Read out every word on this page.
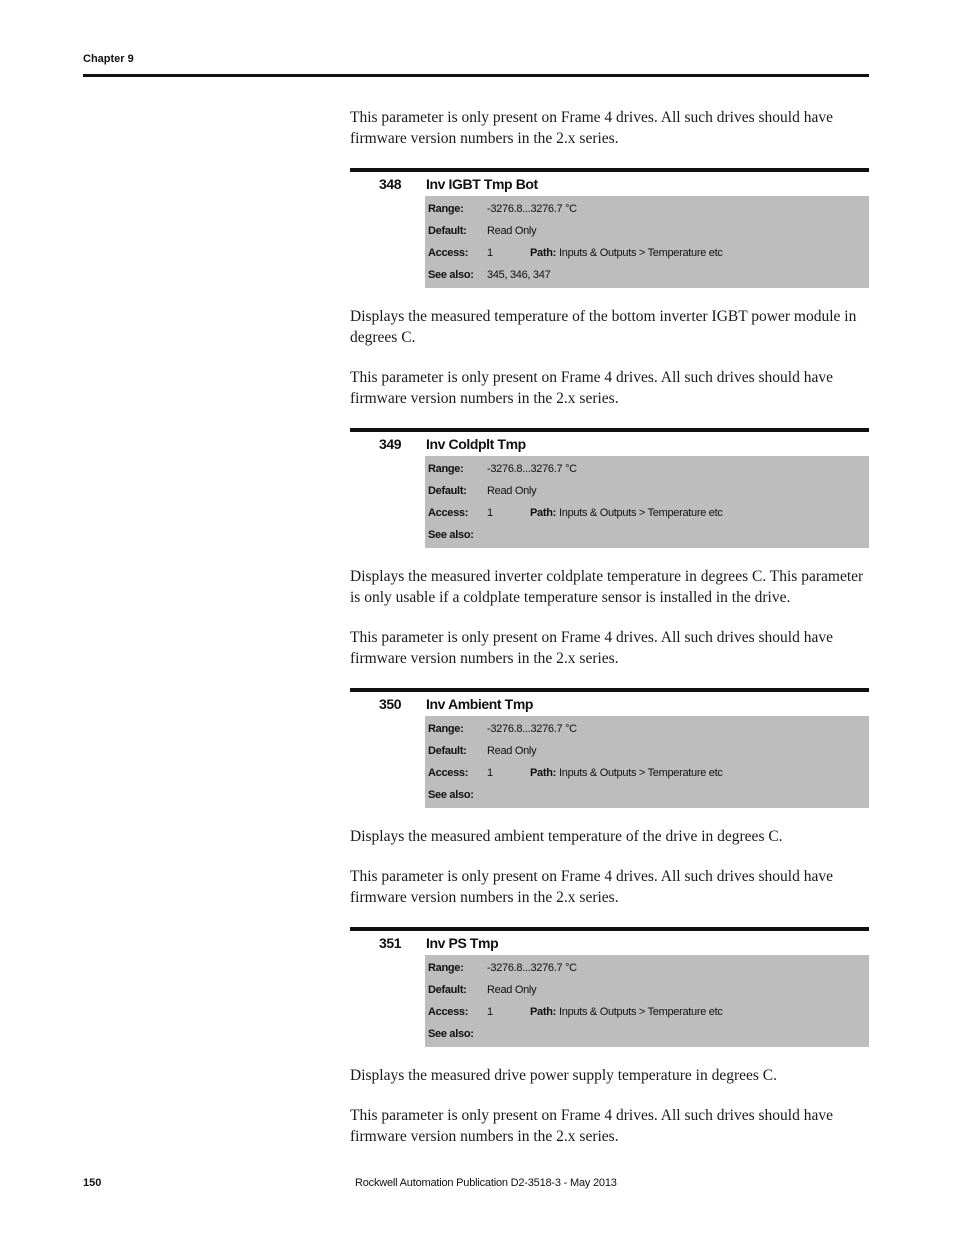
Chapter 9

This parameter is only present on Frame 4 drives. All such drives should have firmware version numbers in the 2.x series.

348	Inv IGBT Tmp Bot
Range:	-3276.8...3276.7 °C
Default:	Read Only
Access:	1	Path: Inputs & Outputs > Temperature etc
See also:	345, 346, 347

Displays the measured temperature of the bottom inverter IGBT power module in degrees C.

This parameter is only present on Frame 4 drives. All such drives should have firmware version numbers in the 2.x series.

349	Inv Coldplt Tmp
Range:	-3276.8...3276.7 °C
Default:	Read Only
Access:	1	Path: Inputs & Outputs > Temperature etc
See also:

Displays the measured inverter coldplate temperature in degrees C. This parameter is only usable if a coldplate temperature sensor is installed in the drive.

This parameter is only present on Frame 4 drives. All such drives should have firmware version numbers in the 2.x series.

350	Inv Ambient Tmp
Range:	-3276.8...3276.7 °C
Default:	Read Only
Access:	1	Path: Inputs & Outputs > Temperature etc
See also:

Displays the measured ambient temperature of the drive in degrees C.

This parameter is only present on Frame 4 drives. All such drives should have firmware version numbers in the 2.x series.

351	Inv PS Tmp
Range:	-3276.8...3276.7 °C
Default:	Read Only
Access:	1	Path: Inputs & Outputs > Temperature etc
See also:

Displays the measured drive power supply temperature in degrees C.

This parameter is only present on Frame 4 drives. All such drives should have firmware version numbers in the 2.x series.

150	Rockwell Automation Publication D2-3518-3 - May 2013
